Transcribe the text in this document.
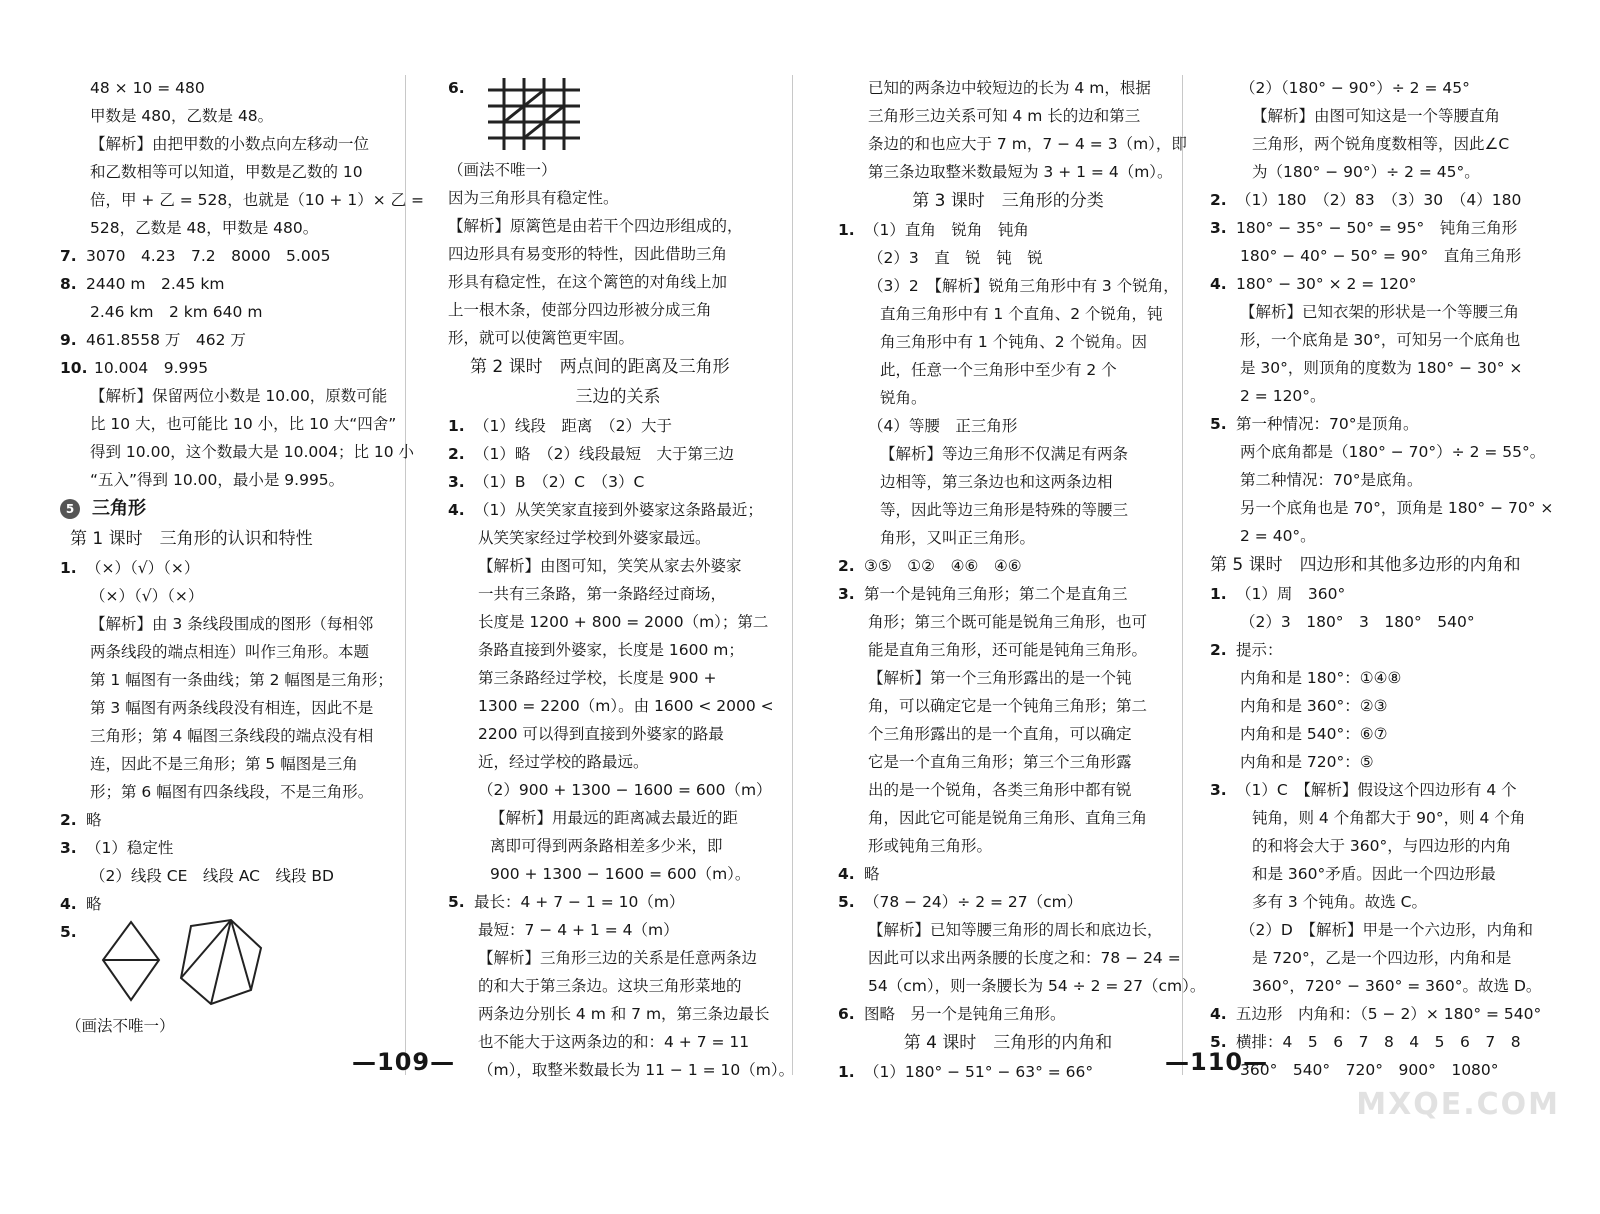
48 × 10 = 480
甲数是 480，乙数是 48。
【解析】由把甲数的小数点向左移动一位
和乙数相等可以知道，甲数是乙数的 10
倍，甲 + 乙 = 528，也就是（10 + 1）× 乙 =
528，乙数是 48，甲数是 480。
7. 3070　4.23　7.2　8000　5.005
8. 2440 m　2.45 km
2.46 km　2 km 640 m
9. 461.8558 万　462 万
10. 10.004　9.995
【解析】保留两位小数是 10.00，原数可能
比 10 大，也可能比 10 小，比 10 大“四舍”
得到 10.00，这个数最大是 10.004；比 10 小
“五入”得到 10.00，最小是 9.995。
5 三角形
第 1 课时　三角形的认识和特性
1. （×）（√）（×）
（×）（√）（×）
【解析】由 3 条线段围成的图形（每相邻
两条线段的端点相连）叫作三角形。本题
第 1 幅图有一条曲线；第 2 幅图是三角形；
第 3 幅图有两条线段没有相连，因此不是
三角形；第 4 幅图三条线段的端点没有相
连，因此不是三角形；第 5 幅图是三角
形；第 6 幅图有四条线段，不是三角形。
2. 略
3. （1）稳定性
（2）线段 CE　线段 AC　线段 BD
4. 略
5.
（画法不唯一）
6.
（画法不唯一）
因为三角形具有稳定性。
【解析】原篱笆是由若干个四边形组成的，
四边形具有易变形的特性，因此借助三角
形具有稳定性，在这个篱笆的对角线上加
上一根木条，使部分四边形被分成三角
形，就可以使篱笆更牢固。
第 2 课时　两点间的距离及三角形
三边的关系
1. （1）线段　距离　（2）大于
2. （1）略　（2）线段最短　大于第三边
3. （1）B　（2）C　（3）C
4. （1）从笑笑家直接到外婆家这条路最近；
从笑笑家经过学校到外婆家最远。
【解析】由图可知，笑笑从家去外婆家
一共有三条路，第一条路经过商场，
长度是 1200 + 800 = 2000（m）；第二
条路直接到外婆家，长度是 1600 m；
第三条路经过学校，长度是 900 +
1300 = 2200（m）。由 1600 < 2000 <
2200 可以得到直接到外婆家的路最
近，经过学校的路最远。
（2）900 + 1300 − 1600 = 600（m）
【解析】用最远的距离减去最近的距
离即可得到两条路相差多少米，即
900 + 1300 − 1600 = 600（m）。
5. 最长：4 + 7 − 1 = 10（m）
最短：7 − 4 + 1 = 4（m）
【解析】三角形三边的关系是任意两条边
的和大于第三条边。这块三角形菜地的
两条边分别长 4 m 和 7 m，第三条边最长
也不能大于这两条边的和：4 + 7 = 11
（m），取整米数最长为 11 − 1 = 10（m）。
—109—
已知的两条边中较短边的长为 4 m，根据
三角形三边关系可知 4 m 长的边和第三
条边的和也应大于 7 m，7 − 4 = 3（m），即
第三条边取整米数最短为 3 + 1 = 4（m）。
第 3 课时　三角形的分类
1. （1）直角　锐角　钝角
（2）3　直　锐　钝　锐
（3）2　【解析】锐角三角形中有 3 个锐角，
直角三角形中有 1 个直角、2 个锐角，钝
角三角形中有 1 个钝角、2 个锐角。因
此，任意一个三角形中至少有 2 个
锐角。
（4）等腰　正三角形
【解析】等边三角形不仅满足有两条
边相等，第三条边也和这两条边相
等，因此等边三角形是特殊的等腰三
角形，又叫正三角形。
2. ③⑤　①②　④⑥　④⑥
3. 第一个是钝角三角形；第二个是直角三
角形；第三个既可能是锐角三角形，也可
能是直角三角形，还可能是钝角三角形。
【解析】第一个三角形露出的是一个钝
角，可以确定它是一个钝角三角形；第二
个三角形露出的是一个直角，可以确定
它是一个直角三角形；第三个三角形露
出的是一个锐角，各类三角形中都有锐
角，因此它可能是锐角三角形、直角三角
形或钝角三角形。
4. 略
5. （78 − 24）÷ 2 = 27（cm）
【解析】已知等腰三角形的周长和底边长，
因此可以求出两条腰的长度之和：78 − 24 =
54（cm），则一条腰长为 54 ÷ 2 = 27（cm）。
6. 图略　另一个是钝角三角形。
第 4 课时　三角形的内角和
1. （1）180° − 51° − 63° = 66°
（2）（180° − 90°）÷ 2 = 45°
【解析】由图可知这是一个等腰直角
三角形，两个锐角度数相等，因此∠C
为（180° − 90°）÷ 2 = 45°。
2. （1）180　（2）83　（3）30　（4）180
3. 180° − 35° − 50° = 95°　钝角三角形
180° − 40° − 50° = 90°　直角三角形
4. 180° − 30° × 2 = 120°
【解析】已知衣架的形状是一个等腰三角
形，一个底角是 30°，可知另一个底角也
是 30°，则顶角的度数为 180° − 30° ×
2 = 120°。
5. 第一种情况：70°是顶角。
两个底角都是（180° − 70°）÷ 2 = 55°。
第二种情况：70°是底角。
另一个底角也是 70°，顶角是 180° − 70° ×
2 = 40°。
第 5 课时　四边形和其他多边形的内角和
1. （1）周　360°
（2）3　180°　3　180°　540°
2. 提示：
内角和是 180°：①④⑧
内角和是 360°：②③
内角和是 540°：⑥⑦
内角和是 720°：⑤
3. （1）C　【解析】假设这个四边形有 4 个
钝角，则 4 个角都大于 90°，则 4 个角
的和将会大于 360°，与四边形的内角
和是 360°矛盾。因此一个四边形最
多有 3 个钝角。故选 C。
（2）D　【解析】甲是一个六边形，内角和
是 720°，乙是一个四边形，内角和是
360°，720° − 360° = 360°。故选 D。
4. 五边形　内角和：（5 − 2）× 180° = 540°
5. 横排：4　5　6　7　8　4　5　6　7　8
360°　540°　720°　900°　1080°
—110—
MXQE.COM
